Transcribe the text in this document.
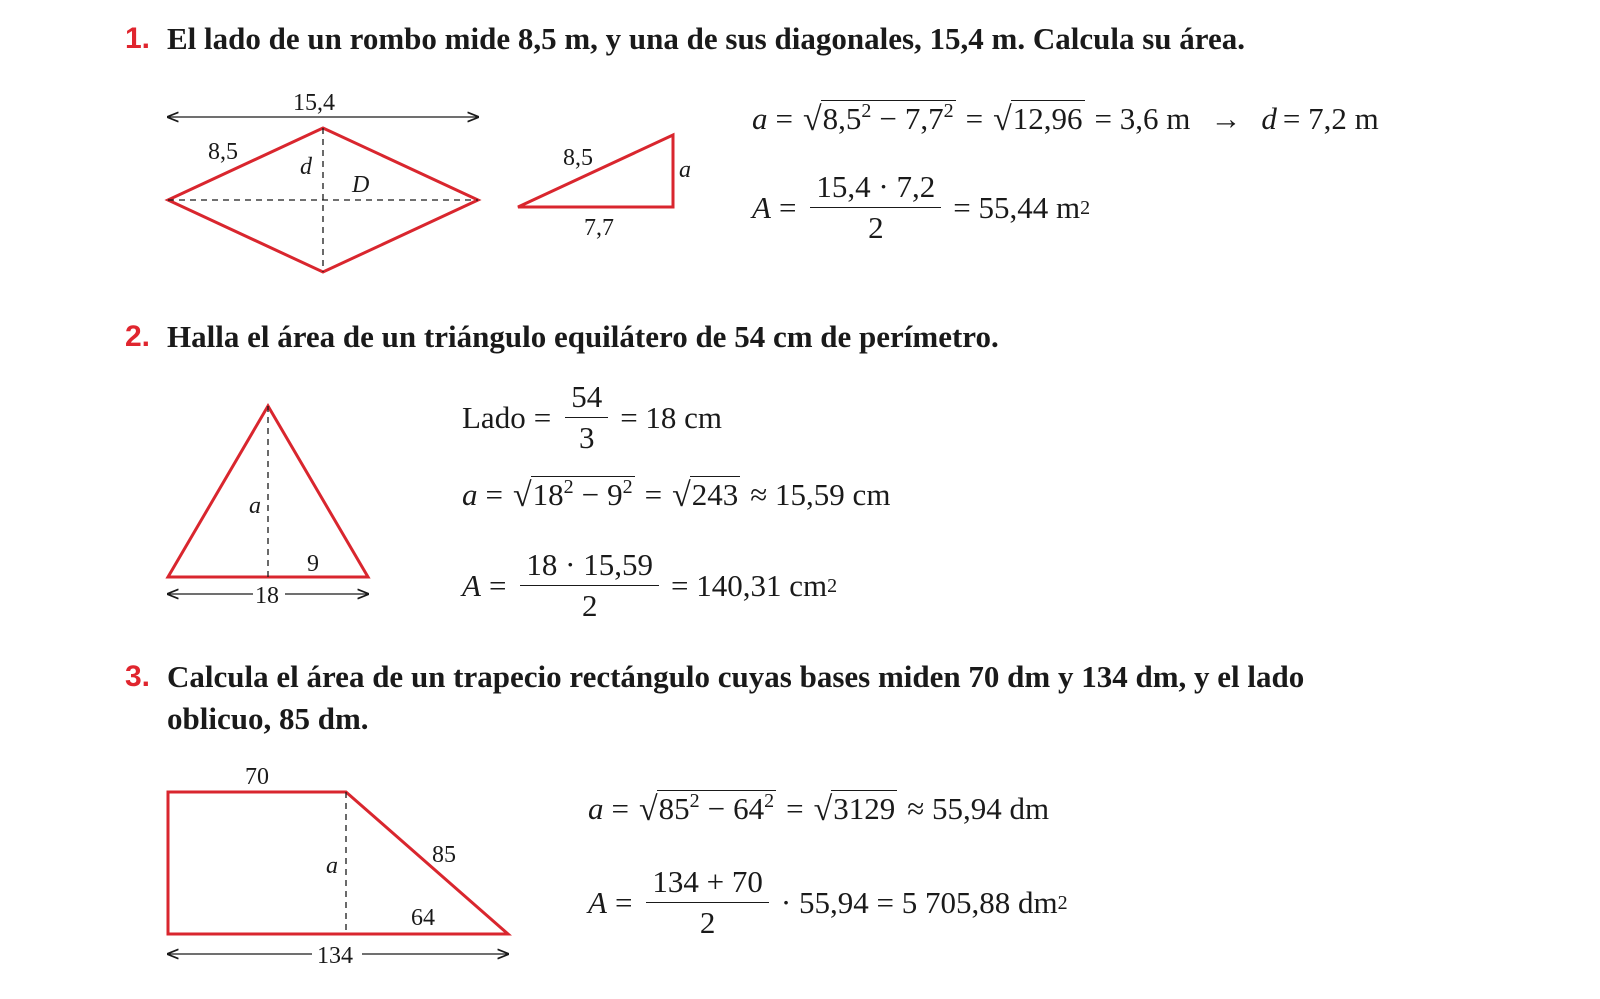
15,4
8,5
d
D
8,5	a
7,7
a
9
18
70
85
a
64
134

1. El lado de un rombo mide 8,5 m, y una de sus diagonales, 15,4 m. Calcula su área.

a = √ $8,5^2 - 7,7^2$ = √ 12,96 = 3,6 m → d = 7,2 m
$A = \frac{15,4 \cdot 7,2}{2} = 55,44$ m 2

2. Halla el área de un triángulo equilátero de 54 cm de perímetro.

Lado = $\frac{54}{3} = 18$ cm
a = √ $18^2 - 9^2$ = √ 243 ≈ 15,59 cm
$A = \frac{18 \cdot 15,59}{2} = 140,31$ cm 2

3. Calcula el área de un trapecio rectángulo cuyas bases miden 70 dm y 134 dm, y el lado
oblicuo, 85 dm.

a = √ $85^2 - 64^2$ = √ 3129 ≈ 55,94 dm
$A = \frac{134 + 70}{2} \cdot 55,94 = 5$ 705,88 dm 2
